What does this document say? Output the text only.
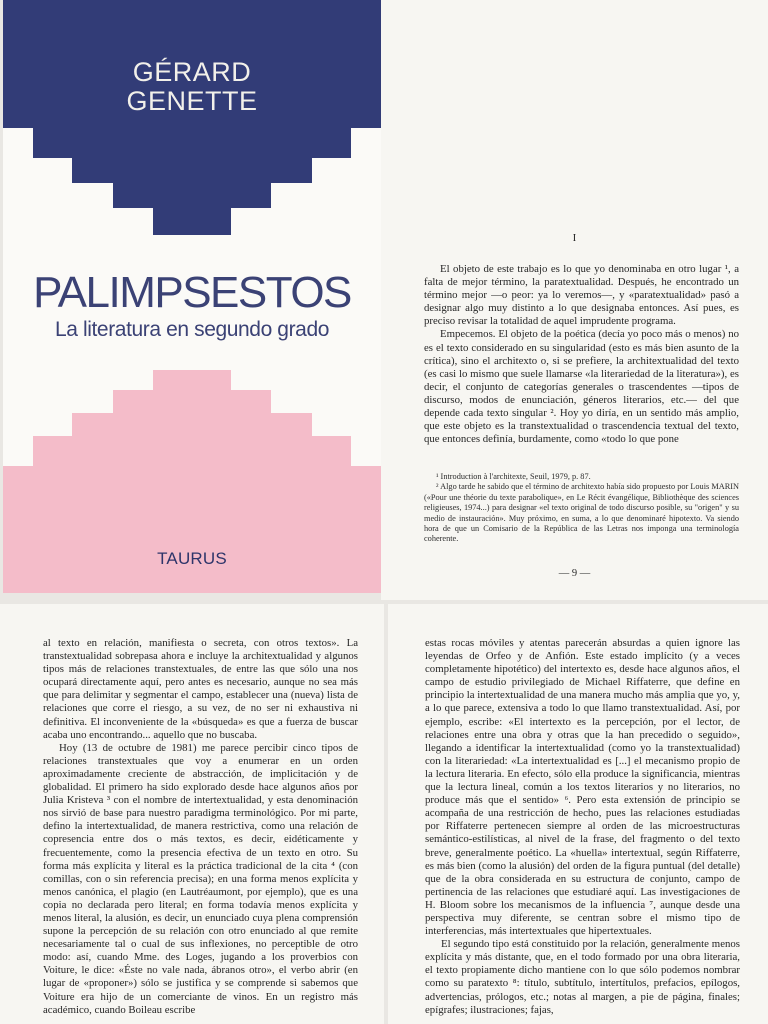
GÉRARD
GENETTE
PALIMPSESTOS
La literatura en segundo grado
TAURUS
I

El objeto de este trabajo es lo que yo denominaba en otro lugar ¹, a falta de mejor término, la paratextualidad. Después, he encontrado un término mejor —o peor: ya lo veremos—, y «paratextualidad» pasó a designar algo muy distinto a lo que designaba entonces. Así pues, es preciso revisar la totalidad de aquel imprudente programa.

Empecemos. El objeto de la poética (decía yo poco más o menos) no es el texto considerado en su singularidad (esto es más bien asunto de la crítica), sino el architexto o, si se prefiere, la architextualidad del texto (es casi lo mismo que suele llamarse «la literariedad de la literatura»), es decir, el conjunto de categorías generales o trascendentes —tipos de discurso, modos de enunciación, géneros literarios, etc.— del que depende cada texto singular ². Hoy yo diría, en un sentido más amplio, que este objeto es la transtextualidad o trascendencia textual del texto, que entonces definía, burdamente, como «todo lo que pone

¹ Introduction à l'architexte, Seuil, 1979, p. 87.

² Algo tarde he sabido que el término de architexto había sido propuesto por Louis MARIN («Pour une théorie du texte parabolique», en Le Récit évangélique, Bibliothèque des sciences religieuses, 1974...) para designar «el texto original de todo discurso posible, su "origen" y su medio de instauración». Muy próximo, en suma, a lo que denominaré hipotexto. Va siendo hora de que un Comisario de la República de las Letras nos imponga una terminología coherente.

— 9 —

al texto en relación, manifiesta o secreta, con otros textos». La transtextualidad sobrepasa ahora e incluye la architextualidad y algunos tipos más de relaciones transtextuales, de entre las que sólo una nos ocupará directamente aquí, pero antes es necesario, aunque no sea más que para delimitar y segmentar el campo, establecer una (nueva) lista de relaciones que corre el riesgo, a su vez, de no ser ni exhaustiva ni definitiva. El inconveniente de la «búsqueda» es que a fuerza de buscar acaba uno encontrando... aquello que no buscaba.

Hoy (13 de octubre de 1981) me parece percibir cinco tipos de relaciones transtextuales que voy a enumerar en un orden aproximadamente creciente de abstracción, de implicitación y de globalidad. El primero ha sido explorado desde hace algunos años por Julia Kristeva ³ con el nombre de intertextualidad, y esta denominación nos sirvió de base para nuestro paradigma terminológico. Por mi parte, defino la intertextualidad, de manera restrictiva, como una relación de copresencia entre dos o más textos, es decir, eidéticamente y frecuentemente, como la presencia efectiva de un texto en otro. Su forma más explícita y literal es la práctica tradicional de la cita ⁴ (con comillas, con o sin referencia precisa); en una forma menos explícita y menos canónica, el plagio (en Lautréaumont, por ejemplo), que es una copia no declarada pero literal; en forma todavía menos explícita y menos literal, la alusión, es decir, un enunciado cuya plena comprensión supone la percepción de su relación con otro enunciado al que remite necesariamente tal o cual de sus inflexiones, no perceptible de otro modo: así, cuando Mme. des Loges, jugando a los proverbios con Voiture, le dice: «Éste no vale nada, ábranos otro», el verbo abrir (en lugar de «proponer») sólo se justifica y se comprende si sabemos que Voiture era hijo de un comerciante de vinos. En un registro más académico, cuando Boileau escribe

estas rocas móviles y atentas parecerán absurdas a quien ignore las leyendas de Orfeo y de Anfión. Este estado implícito (y a veces completamente hipotético) del intertexto es, desde hace algunos años, el campo de estudio privilegiado de Michael Riffaterre, que define en principio la intertextualidad de una manera mucho más amplia que yo, y, a lo que parece, extensiva a todo lo que llamo transtextualidad. Así, por ejemplo, escribe: «El intertexto es la percepción, por el lector, de relaciones entre una obra y otras que la han precedido o seguido», llegando a identificar la intertextualidad (como yo la transtextualidad) con la literariedad: «La intertextualidad es [...] el mecanismo propio de la lectura literaria. En efecto, sólo ella produce la significancia, mientras que la lectura lineal, común a los textos literarios y no literarios, no produce más que el sentido» ⁶. Pero esta extensión de principio se acompaña de una restricción de hecho, pues las relaciones estudiadas por Riffaterre pertenecen siempre al orden de las microestructuras semántico-estilísticas, al nivel de la frase, del fragmento o del texto breve, generalmente poético. La «huella» intertextual, según Riffaterre, es más bien (como la alusión) del orden de la figura puntual (del detalle) que de la obra considerada en su estructura de conjunto, campo de pertinencia de las relaciones que estudiaré aquí. Las investigaciones de H. Bloom sobre los mecanismos de la influencia ⁷, aunque desde una perspectiva muy diferente, se centran sobre el mismo tipo de interferencias, más intertextuales que hipertextuales.

El segundo tipo está constituido por la relación, generalmente menos explícita y más distante, que, en el todo formado por una obra literaria, el texto propiamente dicho mantiene con lo que sólo podemos nombrar como su paratexto ⁸: título, subtítulo, intertítulos, prefacios, epílogos, advertencias, prólogos, etc.; notas al margen, a pie de página, finales; epígrafes; ilustraciones; fajas,
